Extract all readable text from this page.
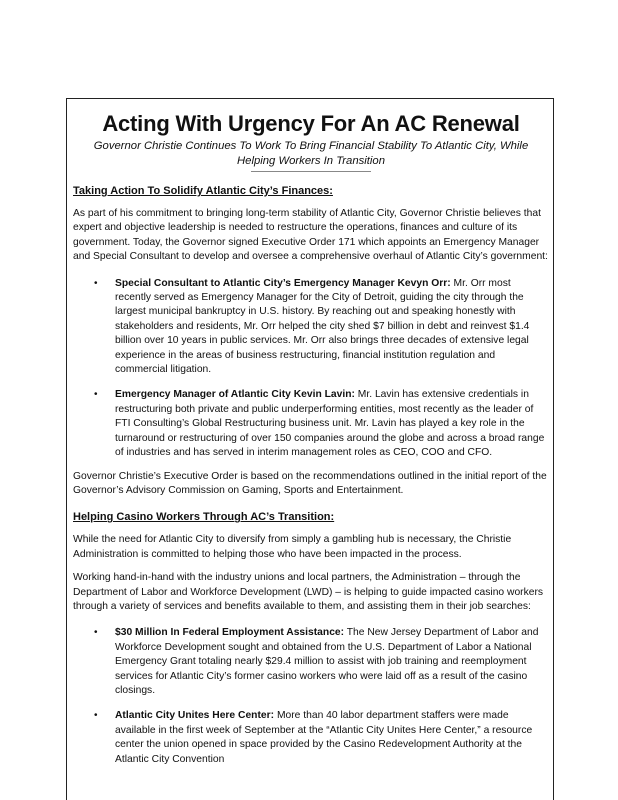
Acting With Urgency For An AC Renewal
Governor Christie Continues To Work To Bring Financial Stability To Atlantic City, While Helping Workers In Transition
Taking Action To Solidify Atlantic City’s Finances:

As part of his commitment to bringing long-term stability of Atlantic City, Governor Christie believes that expert and objective leadership is needed to restructure the operations, finances and culture of its government. Today, the Governor signed Executive Order 171 which appoints an Emergency Manager and Special Consultant to develop and oversee a comprehensive overhaul of Atlantic City’s government:

• Special Consultant to Atlantic City’s Emergency Manager Kevyn Orr: Mr. Orr most recently served as Emergency Manager for the City of Detroit, guiding the city through the largest municipal bankruptcy in U.S. history. By reaching out and speaking honestly with stakeholders and residents, Mr. Orr helped the city shed $7 billion in debt and reinvest $1.4 billion over 10 years in public services. Mr. Orr also brings three decades of extensive legal experience in the areas of business restructuring, financial institution regulation and commercial litigation.
• Emergency Manager of Atlantic City Kevin Lavin: Mr. Lavin has extensive credentials in restructuring both private and public underperforming entities, most recently as the leader of FTI Consulting’s Global Restructuring business unit. Mr. Lavin has played a key role in the turnaround or restructuring of over 150 companies around the globe and across a broad range of industries and has served in interim management roles as CEO, COO and CFO.

Governor Christie’s Executive Order is based on the recommendations outlined in the initial report of the Governor’s Advisory Commission on Gaming, Sports and Entertainment.

Helping Casino Workers Through AC’s Transition:

While the need for Atlantic City to diversify from simply a gambling hub is necessary, the Christie Administration is committed to helping those who have been impacted in the process.

Working hand-in-hand with the industry unions and local partners, the Administration – through the Department of Labor and Workforce Development (LWD) – is helping to guide impacted casino workers through a variety of services and benefits available to them, and assisting them in their job searches:

• $30 Million In Federal Employment Assistance: The New Jersey Department of Labor and Workforce Development sought and obtained from the U.S. Department of Labor a National Emergency Grant totaling nearly $29.4 million to assist with job training and reemployment services for Atlantic City’s former casino workers who were laid off as a result of the casino closings.
• Atlantic City Unites Here Center: More than 40 labor department staffers were made available in the first week of September at the “Atlantic City Unites Here Center,” a resource center the union opened in space provided by the Casino Redevelopment Authority at the Atlantic City Convention
